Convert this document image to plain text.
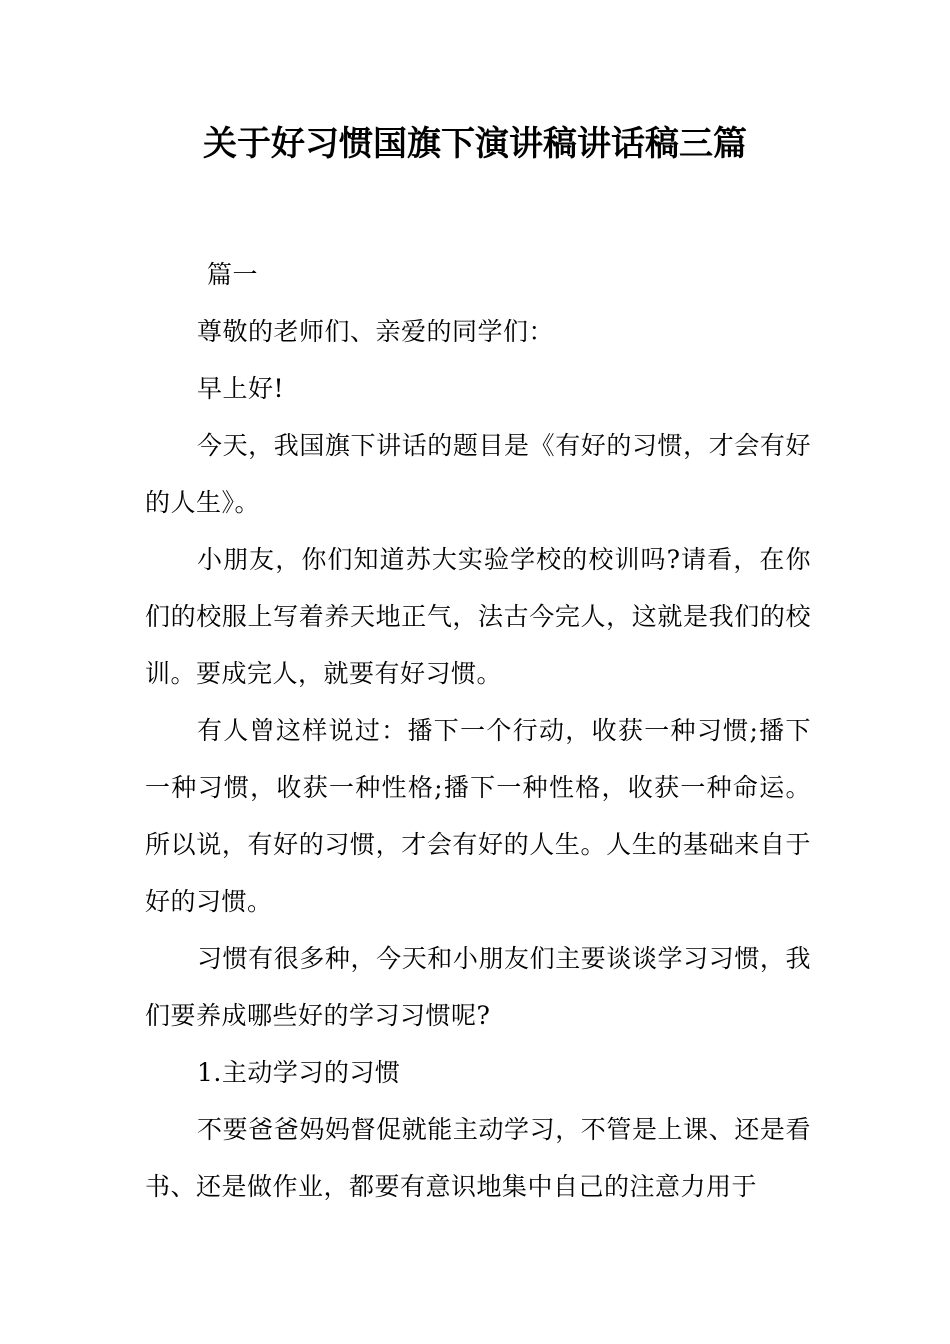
关于好习惯国旗下演讲稿讲话稿三篇

篇一

尊敬的老师们、亲爱的同学们：

早上好!

今天，我国旗下讲话的题目是《有好的习惯，才会有好的人生》。

小朋友，你们知道苏大实验学校的校训吗?请看，在你们的校服上写着养天地正气，法古今完人，这就是我们的校训。要成完人，就要有好习惯。

有人曾这样说过：播下一个行动，收获一种习惯;播下一种习惯，收获一种性格;播下一种性格，收获一种命运。所以说，有好的习惯，才会有好的人生。人生的基础来自于好的习惯。

习惯有很多种，今天和小朋友们主要谈谈学习习惯，我们要养成哪些好的学习习惯呢?

1.主动学习的习惯

不要爸爸妈妈督促就能主动学习，不管是上课、还是看书、还是做作业，都要有意识地集中自己的注意力用于
